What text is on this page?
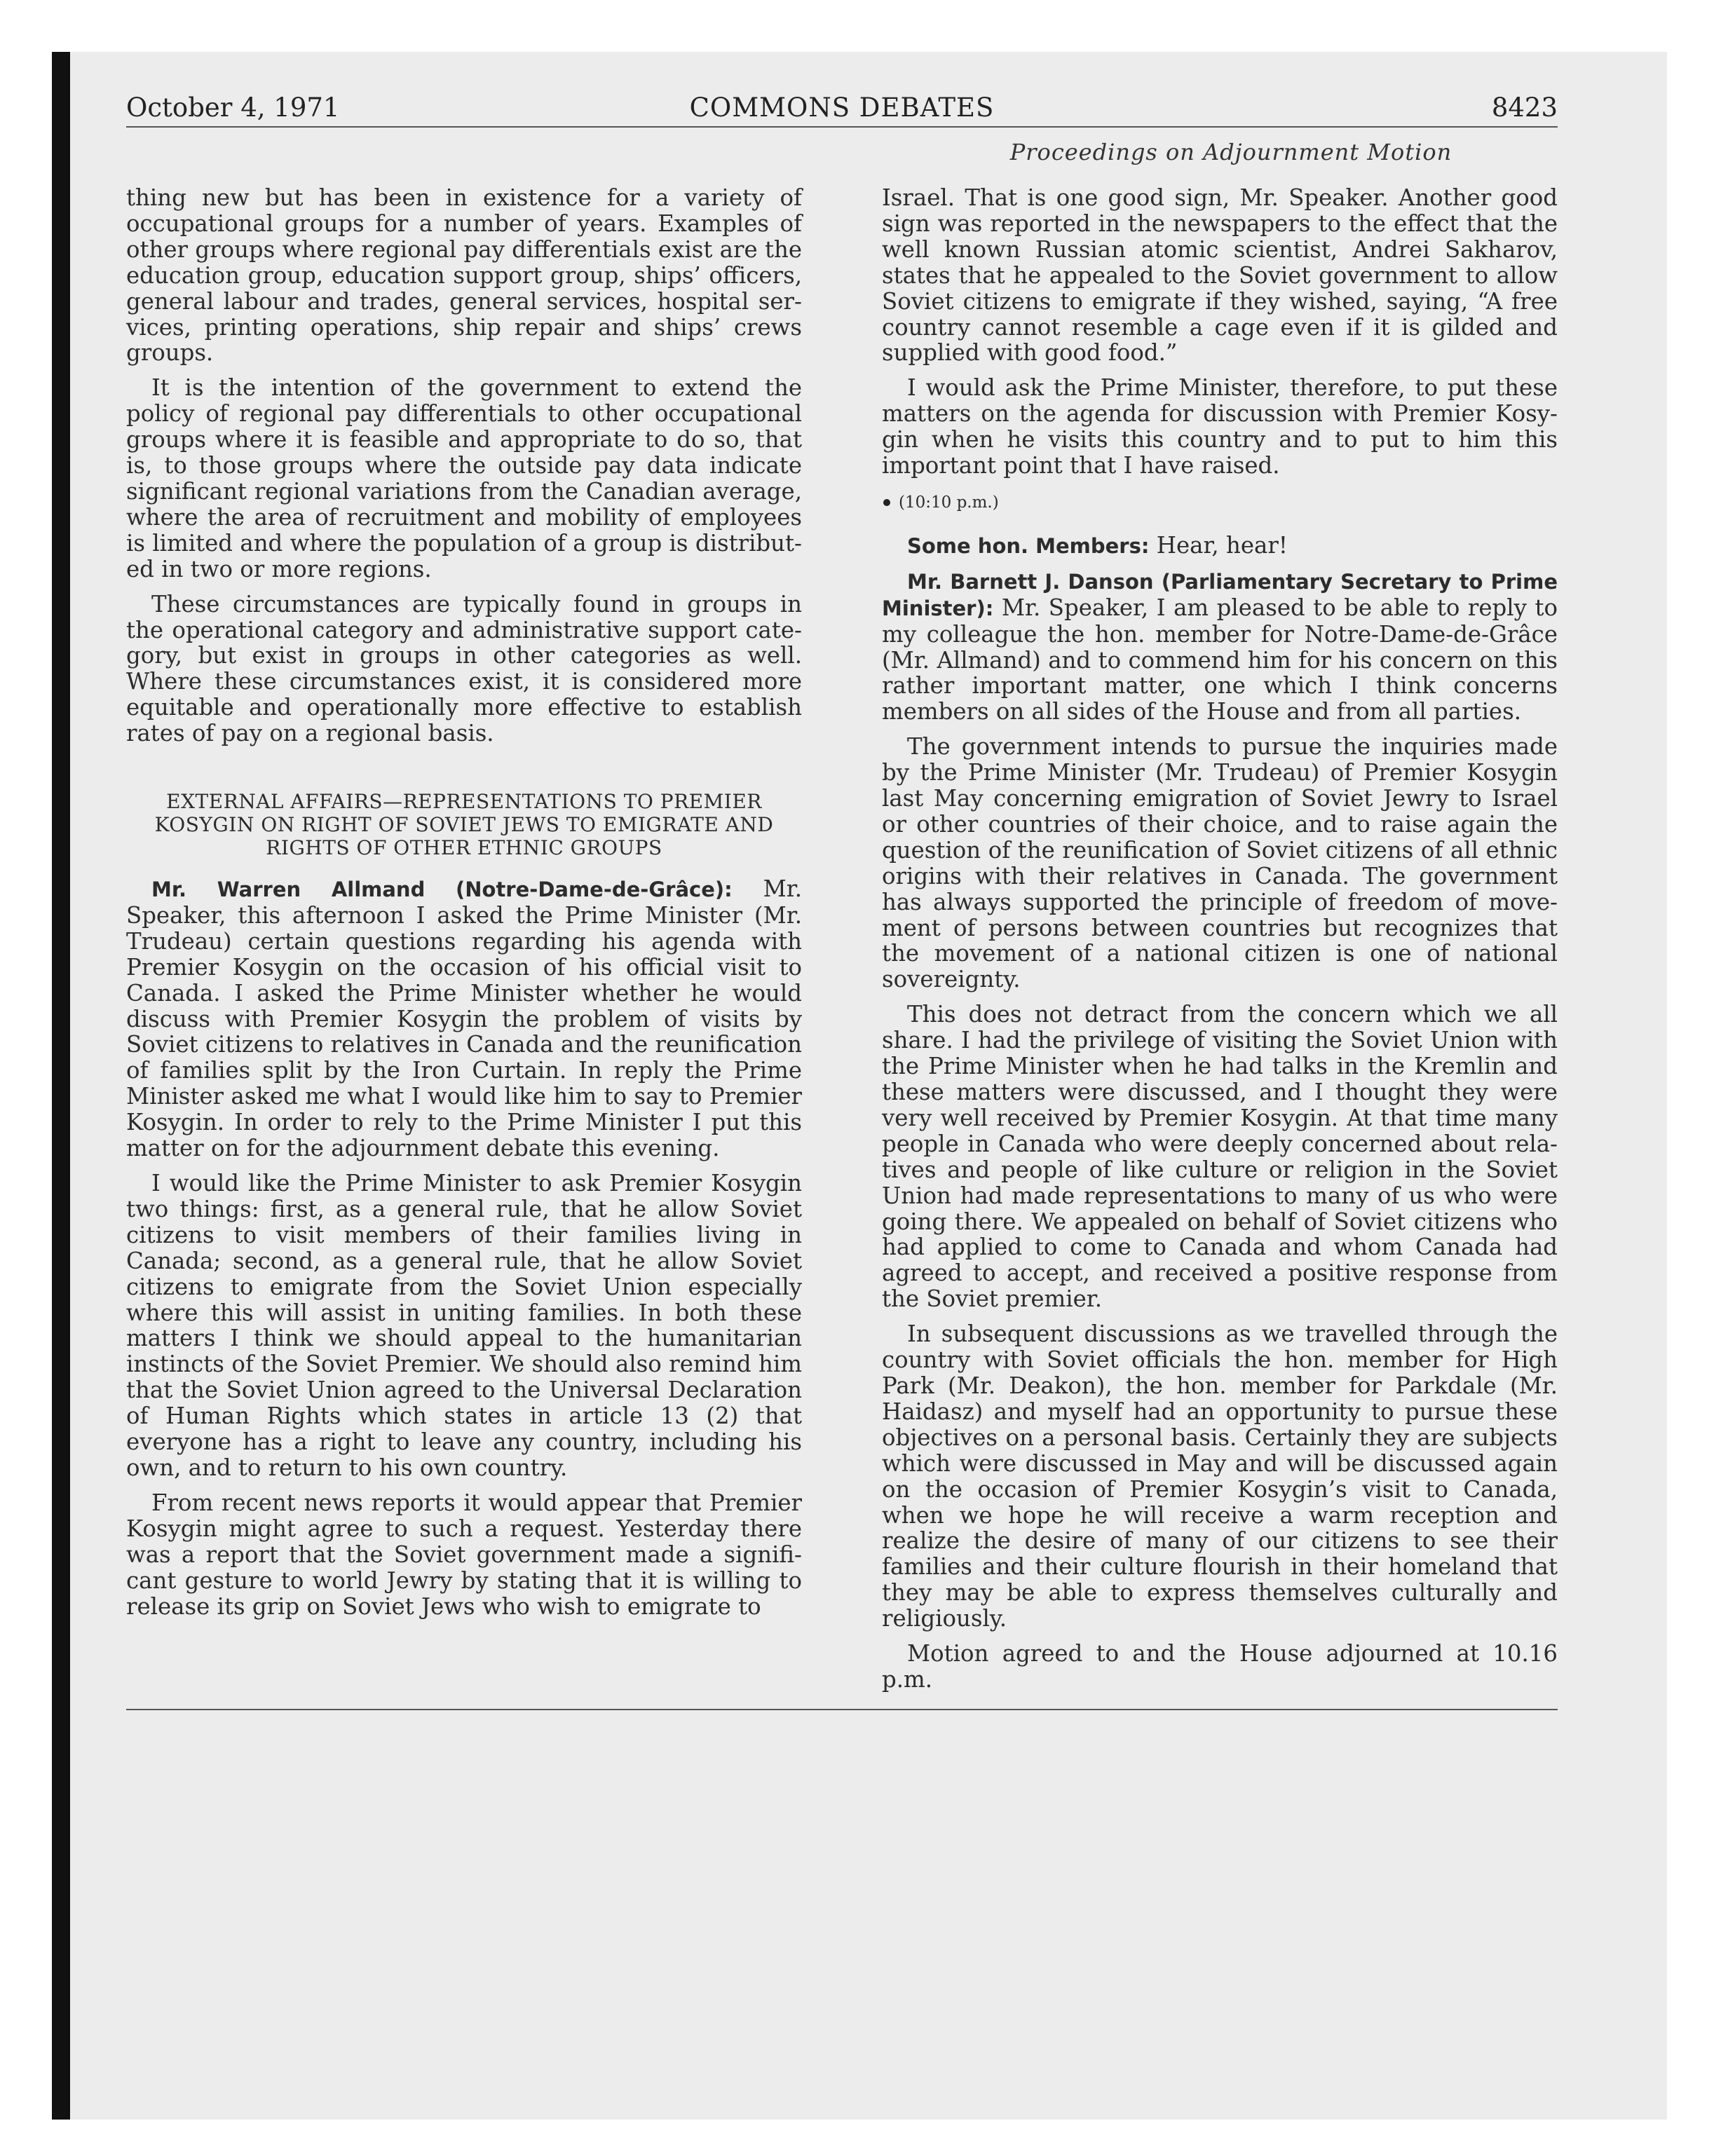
October 4, 1971	COMMONS DEBATES	8423
Proceedings on Adjournment Motion

thing new but has been in existence for a variety of occupational groups for a number of years. Examples of other groups where regional pay differentials exist are the education group, education support group, ships’ officers, general labour and trades, general services, hospital services, printing operations, ship repair and ships’ crews groups.

It is the intention of the government to extend the policy of regional pay differentials to other occupational groups where it is feasible and appropriate to do so, that is, to those groups where the outside pay data indicate significant regional variations from the Canadian average, where the area of recruitment and mobility of employees is limited and where the population of a group is distributed in two or more regions.

These circumstances are typically found in groups in the operational category and administrative support category, but exist in groups in other categories as well. Where these circumstances exist, it is considered more equitable and operationally more effective to establish rates of pay on a regional basis.

EXTERNAL AFFAIRS—REPRESENTATIONS TO PREMIER KOSYGIN ON RIGHT OF SOVIET JEWS TO EMIGRATE AND RIGHTS OF OTHER ETHNIC GROUPS

Mr. Warren Allmand (Notre-Dame-de-Grâce): Mr. Speaker, this afternoon I asked the Prime Minister (Mr. Trudeau) certain questions regarding his agenda with Premier Kosygin on the occasion of his official visit to Canada. I asked the Prime Minister whether he would discuss with Premier Kosygin the problem of visits by Soviet citizens to relatives in Canada and the reunification of families split by the Iron Curtain. In reply the Prime Minister asked me what I would like him to say to Premier Kosygin. In order to rely to the Prime Minister I put this matter on for the adjournment debate this evening.

I would like the Prime Minister to ask Premier Kosygin two things: first, as a general rule, that he allow Soviet citizens to visit members of their families living in Canada; second, as a general rule, that he allow Soviet citizens to emigrate from the Soviet Union especially where this will assist in uniting families. In both these matters I think we should appeal to the humanitarian instincts of the Soviet Premier. We should also remind him that the Soviet Union agreed to the Universal Declaration of Human Rights which states in article 13 (2) that everyone has a right to leave any country, including his own, and to return to his own country.

From recent news reports it would appear that Premier Kosygin might agree to such a request. Yesterday there was a report that the Soviet government made a significant gesture to world Jewry by stating that it is willing to release its grip on Soviet Jews who wish to emigrate to

Israel. That is one good sign, Mr. Speaker. Another good sign was reported in the newspapers to the effect that the well known Russian atomic scientist, Andrei Sakharov, states that he appealed to the Soviet government to allow Soviet citizens to emigrate if they wished, saying, “A free country cannot resemble a cage even if it is gilded and supplied with good food.”

I would ask the Prime Minister, therefore, to put these matters on the agenda for discussion with Premier Kosygin when he visits this country and to put to him this important point that I have raised.

(10:10 p.m.)

Some hon. Members: Hear, hear!

Mr. Barnett J. Danson (Parliamentary Secretary to Prime Minister): Mr. Speaker, I am pleased to be able to reply to my colleague the hon. member for Notre-Dame-de-Grâce (Mr. Allmand) and to commend him for his concern on this rather important matter, one which I think concerns members on all sides of the House and from all parties.

The government intends to pursue the inquiries made by the Prime Minister (Mr. Trudeau) of Premier Kosygin last May concerning emigration of Soviet Jewry to Israel or other countries of their choice, and to raise again the question of the reunification of Soviet citizens of all ethnic origins with their relatives in Canada. The government has always supported the principle of freedom of movement of persons between countries but recognizes that the movement of a national citizen is one of national sovereignty.

This does not detract from the concern which we all share. I had the privilege of visiting the Soviet Union with the Prime Minister when he had talks in the Kremlin and these matters were discussed, and I thought they were very well received by Premier Kosygin. At that time many people in Canada who were deeply concerned about relatives and people of like culture or religion in the Soviet Union had made representations to many of us who were going there. We appealed on behalf of Soviet citizens who had applied to come to Canada and whom Canada had agreed to accept, and received a positive response from the Soviet premier.

In subsequent discussions as we travelled through the country with Soviet officials the hon. member for High Park (Mr. Deakon), the hon. member for Parkdale (Mr. Haidasz) and myself had an opportunity to pursue these objectives on a personal basis. Certainly they are subjects which were discussed in May and will be discussed again on the occasion of Premier Kosygin’s visit to Canada, when we hope he will receive a warm reception and realize the desire of many of our citizens to see their families and their culture flourish in their homeland that they may be able to express themselves culturally and religiously.

Motion agreed to and the House adjourned at 10.16 p.m.
